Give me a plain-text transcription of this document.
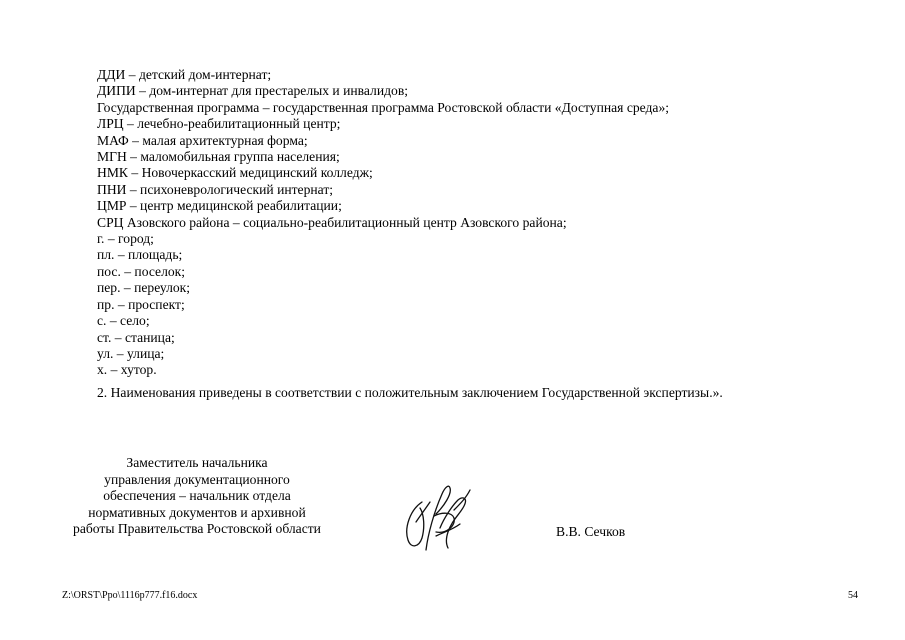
ДДИ – детский дом-интернат;
ДИПИ – дом-интернат для престарелых и инвалидов;
Государственная программа – государственная программа Ростовской области «Доступная среда»;
ЛРЦ – лечебно-реабилитационный центр;
МАФ – малая архитектурная форма;
МГН – маломобильная группа населения;
НМК – Новочеркасский медицинский колледж;
ПНИ – психоневрологический интернат;
ЦМР – центр медицинской реабилитации;
СРЦ Азовского района – социально-реабилитационный центр Азовского района;
г. – город;
пл. – площадь;
пос. – поселок;
пер. – переулок;
пр. – проспект;
с. – село;
ст. – станица;
ул. – улица;
х. – хутор.

2. Наименования приведены в соответствии с положительным заключением Государственной экспертизы.».

Заместитель начальника
управления документационного
обеспечения – начальник отдела
нормативных документов и архивной
работы Правительства Ростовской области	В.В. Сечков
Z:\ORST\Ppo\1116p777.f16.docx	54
